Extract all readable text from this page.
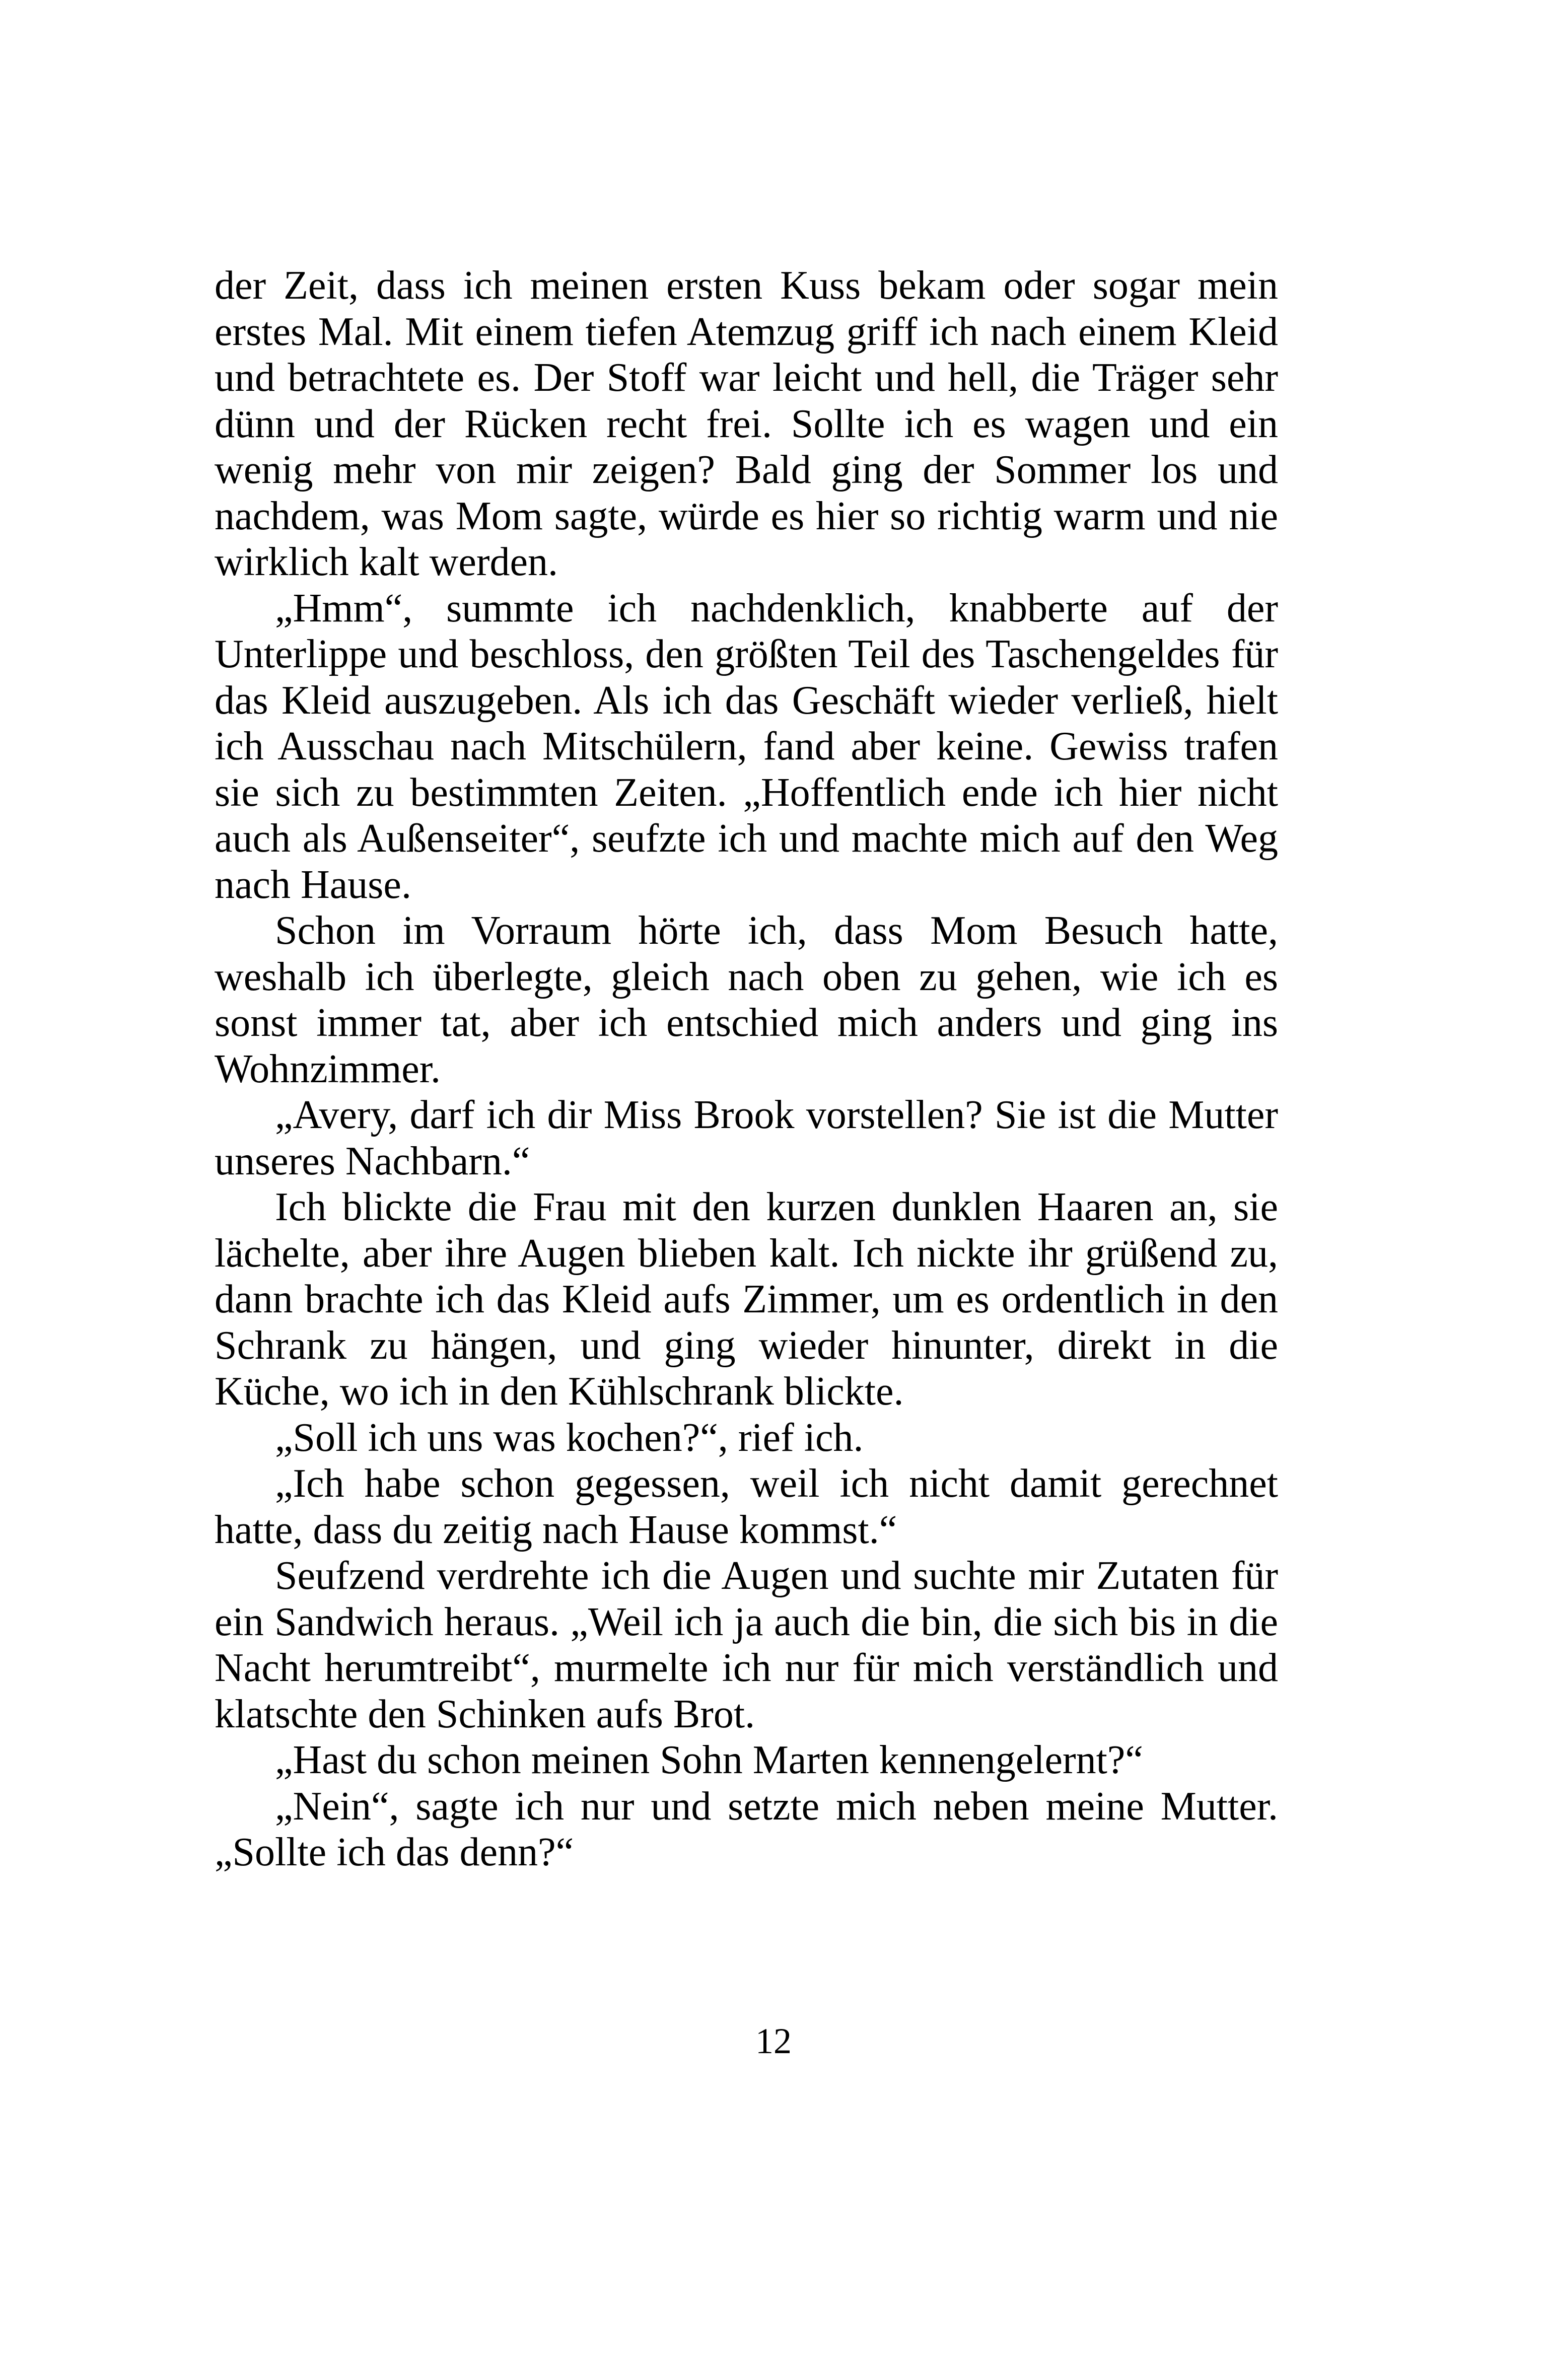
der Zeit, dass ich meinen ersten Kuss bekam oder sogar mein erstes Mal. Mit einem tiefen Atemzug griff ich nach einem Kleid und betrachtete es. Der Stoff war leicht und hell, die Träger sehr dünn und der Rücken recht frei. Sollte ich es wagen und ein wenig mehr von mir zeigen? Bald ging der Sommer los und nachdem, was Mom sagte, würde es hier so richtig warm und nie wirklich kalt werden.

„Hmm“, summte ich nachdenklich, knabberte auf der Unterlippe und beschloss, den größten Teil des Taschengeldes für das Kleid auszugeben. Als ich das Geschäft wieder verließ, hielt ich Ausschau nach Mitschülern, fand aber keine. Gewiss trafen sie sich zu bestimmten Zeiten. „Hoffentlich ende ich hier nicht auch als Außenseiter“, seufzte ich und machte mich auf den Weg nach Hause.

Schon im Vorraum hörte ich, dass Mom Besuch hatte, weshalb ich überlegte, gleich nach oben zu gehen, wie ich es sonst immer tat, aber ich entschied mich anders und ging ins Wohnzimmer.

„Avery, darf ich dir Miss Brook vorstellen? Sie ist die Mutter unseres Nachbarn.“

Ich blickte die Frau mit den kurzen dunklen Haaren an, sie lächelte, aber ihre Augen blieben kalt. Ich nickte ihr grüßend zu, dann brachte ich das Kleid aufs Zimmer, um es ordentlich in den Schrank zu hängen, und ging wieder hinunter, direkt in die Küche, wo ich in den Kühlschrank blickte.

„Soll ich uns was kochen?“, rief ich.

„Ich habe schon gegessen, weil ich nicht damit gerechnet hatte, dass du zeitig nach Hause kommst.“

Seufzend verdrehte ich die Augen und suchte mir Zutaten für ein Sandwich heraus. „Weil ich ja auch die bin, die sich bis in die Nacht herumtreibt“, murmelte ich nur für mich verständlich und klatschte den Schinken aufs Brot.

„Hast du schon meinen Sohn Marten kennengelernt?“

„Nein“, sagte ich nur und setzte mich neben meine Mutter. „Sollte ich das denn?“

12
